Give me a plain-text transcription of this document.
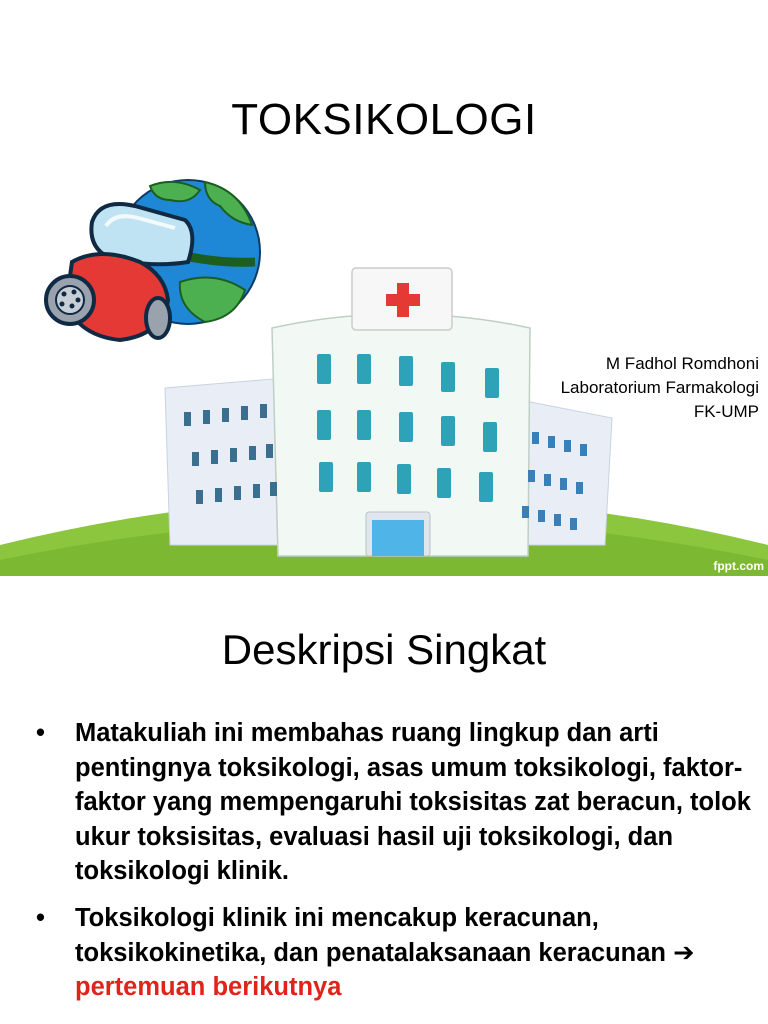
TOKSIKOLOGI
M Fadhol Romdhoni
Laboratorium Farmakologi
FK-UMP
fppt.com
Deskripsi Singkat
• Matakuliah ini membahas ruang lingkup dan arti pentingnya toksikologi, asas umum toksikologi, faktor-faktor yang mempengaruhi toksisitas zat beracun, tolok ukur toksisitas, evaluasi hasil uji toksikologi, dan toksikologi klinik.
• Toksikologi klinik ini mencakup keracunan, toksikokinetika, dan penatalaksanaan keracunan ➔ pertemuan berikutnya
